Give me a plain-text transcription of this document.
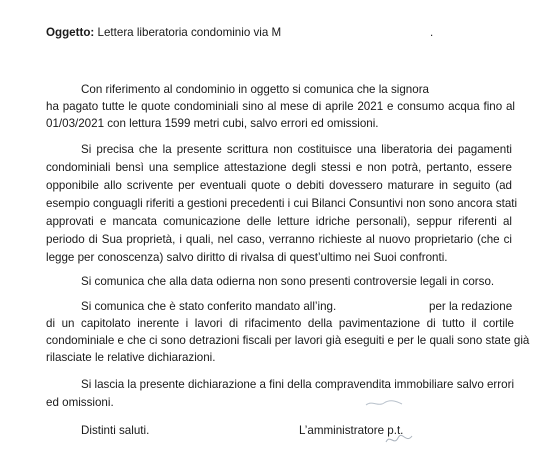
Oggetto: Lettera liberatoria condominio via M	.
Con riferimento al condominio in oggetto si comunica che la signora
ha pagato tutte le quote condominiali sino al mese di aprile 2021 e consumo acqua fino al
01/03/2021 con lettura 1599 metri cubi, salvo errori ed omissioni.
Si precisa che la presente scrittura non costituisce una liberatoria dei pagamenti
condominiali bensì una semplice attestazione degli stessi e non potrà, pertanto, essere
opponibile allo scrivente per eventuali quote o debiti dovessero maturare in seguito (ad
esempio conguagli riferiti a gestioni precedenti i cui Bilanci Consuntivi non sono ancora stati
approvati e mancata comunicazione delle letture idriche personali), seppur riferenti al
periodo di Sua proprietà, i quali, nel caso, verranno richieste al nuovo proprietario (che ci
legge per conoscenza) salvo diritto di rivalsa di quest’ultimo nei Suoi confronti.
Si comunica che alla data odierna non sono presenti controversie legali in corso.
Si comunica che è stato conferito mandato all’ing.	per la redazione
di un capitolato inerente i lavori di rifacimento della pavimentazione di tutto il cortile
condominiale e che ci sono detrazioni fiscali per lavori già eseguiti e per le quali sono state già
rilasciate le relative dichiarazioni.
Si lascia la presente dichiarazione a fini della compravendita immobiliare salvo errori
ed omissioni.
Distinti saluti.	L’amministratore p.t.
